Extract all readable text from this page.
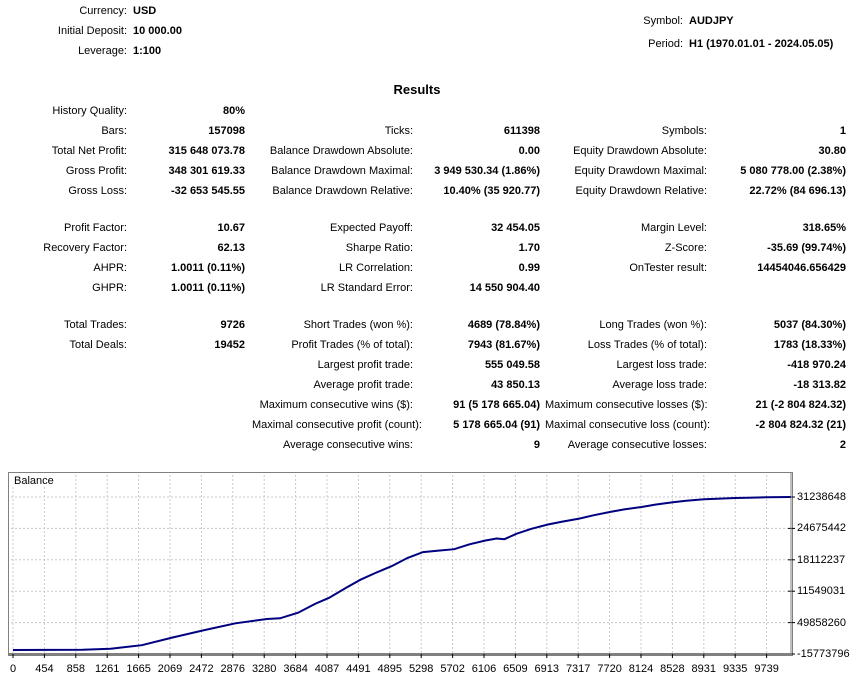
Currency: USD
Initial Deposit: 10 000.00
Leverage: 1:100
Symbol: AUDJPY
Period: H1 (1970.01.01 - 2024.05.05)
Results
History Quality:	80%
Bars:	157098	Ticks:	611398	Symbols:	1
Total Net Profit:	315 648 073.78	Balance Drawdown Absolute:	0.00	Equity Drawdown Absolute:	30.80
Gross Profit:	348 301 619.33	Balance Drawdown Maximal:	3 949 530.34 (1.86%)	Equity Drawdown Maximal:	5 080 778.00 (2.38%)
Gross Loss:	-32 653 545.55	Balance Drawdown Relative:	10.40% (35 920.77)	Equity Drawdown Relative:	22.72% (84 696.13)
Profit Factor:	10.67	Expected Payoff:	32 454.05	Margin Level:	318.65%
Recovery Factor:	62.13	Sharpe Ratio:	1.70	Z-Score:	-35.69 (99.74%)
AHPR:	1.0011 (0.11%)	LR Correlation:	0.99	OnTester result:	14454046.656429
GHPR:	1.0011 (0.11%)	LR Standard Error:	14 550 904.40
Total Trades:	9726	Short Trades (won %):	4689 (78.84%)	Long Trades (won %):	5037 (84.30%)
Total Deals:	19452	Profit Trades (% of total):	7943 (81.67%)	Loss Trades (% of total):	1783 (18.33%)
Largest profit trade:	555 049.58	Largest loss trade:	-418 970.24
Average profit trade:	43 850.13	Average loss trade:	-18 313.82
Maximum consecutive wins ($):	91 (5 178 665.04) Maximum consecutive losses ($):	21 (-2 804 824.32)
Maximal consecutive profit (count):	5 178 665.04 (91) Maximal consecutive loss (count):	-2 804 824.32 (21)
Average consecutive wins:	9	Average consecutive losses:	2
Balance
31238648
24675442
18112237
11549031
49858260
-15773796
0	454	858 1261 1665 2069 2472 2876 3280 3684 4087 4491 4895 5298 5702 6106 6509 6913 7317 7720 8124 8528 8931 9335 9739
